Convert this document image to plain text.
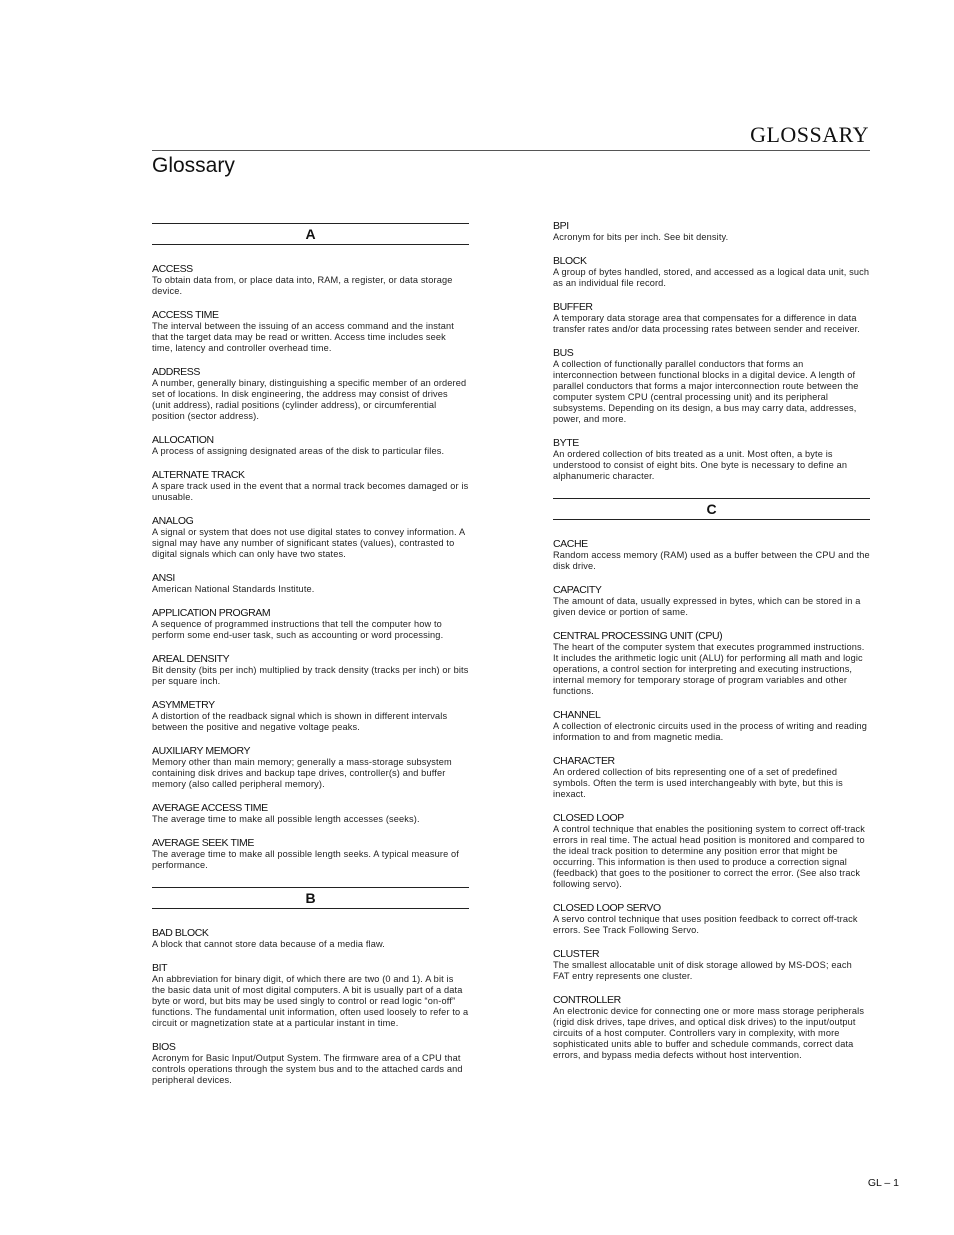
GLOSSARY
Glossary
A
ACCESS
To obtain data from, or place data into, RAM, a register, or data storage device.
ACCESS TIME
The interval between the issuing of an access command and the instant that the target data may be read or written. Access time includes seek time, latency and controller overhead time.
ADDRESS
A number, generally binary, distinguishing a specific member of an ordered set of locations. In disk engineering, the address may consist of drives (unit address), radial positions (cylinder address), or circumferential position (sector address).
ALLOCATION
A process of assigning designated areas of the disk to particular files.
ALTERNATE TRACK
A spare track used in the event that a normal track becomes damaged or is unusable.
ANALOG
A signal or system that does not use digital states to convey information. A signal may have any number of significant states (values), contrasted to digital signals which can only have two states.
ANSI
American National Standards Institute.
APPLICATION PROGRAM
A sequence of programmed instructions that tell the computer how to perform some end-user task, such as accounting or word processing.
AREAL DENSITY
Bit density (bits per inch) multiplied by track density (tracks per inch) or bits per square inch.
ASYMMETRY
A distortion of the readback signal which is shown in different intervals between the positive and negative voltage peaks.
AUXILIARY MEMORY
Memory other than main memory; generally a mass-storage subsystem containing disk drives and backup tape drives, controller(s) and buffer memory (also called peripheral memory).
AVERAGE ACCESS TIME
The average time to make all possible length accesses (seeks).
AVERAGE SEEK TIME
The average time to make all possible length seeks. A typical measure of performance.
B
BAD BLOCK
A block that cannot store data because of a media flaw.
BIT
An abbreviation for binary digit, of which there are two (0 and 1). A bit is the basic data unit of most digital computers. A bit is usually part of a data byte or word, but bits may be used singly to control or read logic “on-off” functions. The fundamental unit information, often used loosely to refer to a circuit or magnetization state at a particular instant in time.
BIOS
Acronym for Basic Input/Output System. The firmware area of a CPU that controls operations through the system bus and to the attached cards and peripheral devices.
BPI
Acronym for bits per inch. See bit density.
BLOCK
A group of bytes handled, stored, and accessed as a logical data unit, such as an individual file record.
BUFFER
A temporary data storage area that compensates for a difference in data transfer rates and/or data processing rates between sender and receiver.
BUS
A collection of functionally parallel conductors that forms an interconnection between functional blocks in a digital device. A length of parallel conductors that forms a major interconnection route between the computer system CPU (central processing unit) and its peripheral subsystems. Depending on its design, a bus may carry data, addresses, power, and more.
BYTE
An ordered collection of bits treated as a unit. Most often, a byte is understood to consist of eight bits. One byte is necessary to define an alphanumeric character.
C
CACHE
Random access memory (RAM) used as a buffer between the CPU and the disk drive.
CAPACITY
The amount of data, usually expressed in bytes, which can be stored in a given device or portion of same.
CENTRAL PROCESSING UNIT (CPU)
The heart of the computer system that executes programmed instructions. It includes the arithmetic logic unit (ALU) for performing all math and logic operations, a control section for interpreting and executing instructions, internal memory for temporary storage of program variables and other functions.
CHANNEL
A collection of electronic circuits used in the process of writing and reading information to and from magnetic media.
CHARACTER
An ordered collection of bits representing one of a set of predefined symbols. Often the term is used interchangeably with byte, but this is inexact.
CLOSED LOOP
A control technique that enables the positioning system to correct off-track errors in real time. The actual head position is monitored and compared to the ideal track position to determine any position error that might be occurring. This information is then used to produce a correction signal (feedback) that goes to the positioner to correct the error. (See also track following servo).
CLOSED LOOP SERVO
A servo control technique that uses position feedback to correct off-track errors. See Track Following Servo.
CLUSTER
The smallest allocatable unit of disk storage allowed by MS-DOS; each FAT entry represents one cluster.
CONTROLLER
An electronic device for connecting one or more mass storage peripherals (rigid disk drives, tape drives, and optical disk drives) to the input/output circuits of a host computer. Controllers vary in complexity, with more sophisticated units able to buffer and schedule commands, correct data errors, and bypass media defects without host intervention.
GL – 1
